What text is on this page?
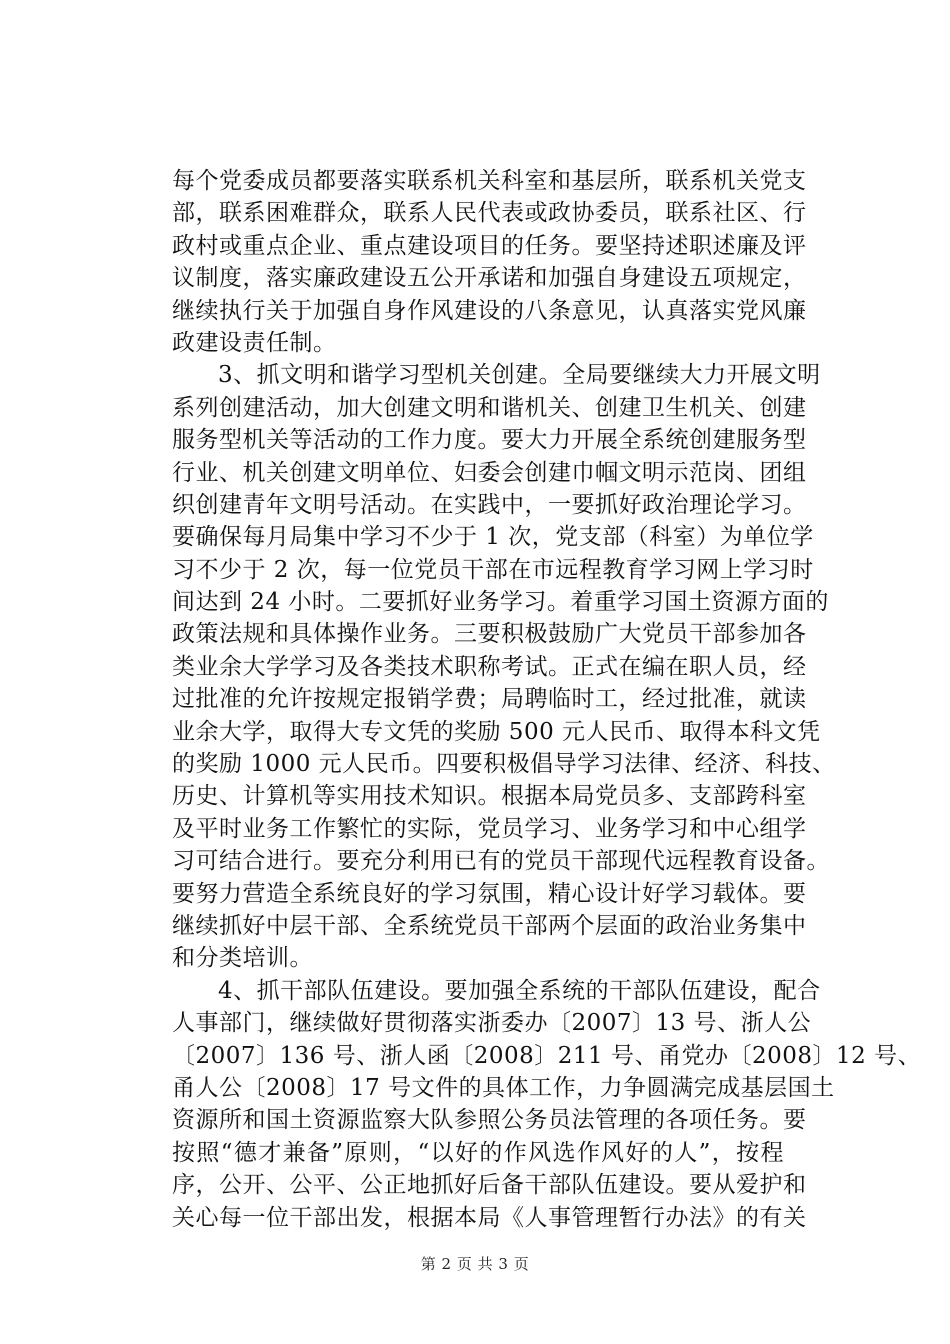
每个党委成员都要落实联系机关科室和基层所，联系机关党支
部，联系困难群众，联系人民代表或政协委员，联系社区、行
政村或重点企业、重点建设项目的任务。要坚持述职述廉及评
议制度，落实廉政建设五公开承诺和加强自身建设五项规定，
继续执行关于加强自身作风建设的八条意见，认真落实党风廉
政建设责任制。
3、抓文明和谐学习型机关创建。全局要继续大力开展文明
系列创建活动，加大创建文明和谐机关、创建卫生机关、创建
服务型机关等活动的工作力度。要大力开展全系统创建服务型
行业、机关创建文明单位、妇委会创建巾帼文明示范岗、团组
织创建青年文明号活动。在实践中，一要抓好政治理论学习。
要确保每月局集中学习不少于 1 次，党支部（科室）为单位学
习不少于 2 次，每一位党员干部在市远程教育学习网上学习时
间达到 24 小时。二要抓好业务学习。着重学习国土资源方面的
政策法规和具体操作业务。三要积极鼓励广大党员干部参加各
类业余大学学习及各类技术职称考试。正式在编在职人员，经
过批准的允许按规定报销学费；局聘临时工，经过批准，就读
业余大学，取得大专文凭的奖励 500 元人民币、取得本科文凭
的奖励 1000 元人民币。四要积极倡导学习法律、经济、科技、
历史、计算机等实用技术知识。根据本局党员多、支部跨科室
及平时业务工作繁忙的实际，党员学习、业务学习和中心组学
习可结合进行。要充分利用已有的党员干部现代远程教育设备。
要努力营造全系统良好的学习氛围，精心设计好学习载体。要
继续抓好中层干部、全系统党员干部两个层面的政治业务集中
和分类培训。
4、抓干部队伍建设。要加强全系统的干部队伍建设，配合
人事部门，继续做好贯彻落实浙委办〔2007〕13 号、浙人公
〔2007〕136 号、浙人函〔2008〕211 号、甬党办〔2008〕12 号、
甬人公〔2008〕17 号文件的具体工作，力争圆满完成基层国土
资源所和国土资源监察大队参照公务员法管理的各项任务。要
按照“德才兼备”原则，“以好的作风选作风好的人”，按程
序，公开、公平、公正地抓好后备干部队伍建设。要从爱护和
关心每一位干部出发，根据本局《人事管理暂行办法》的有关
第 2 页 共 3 页
